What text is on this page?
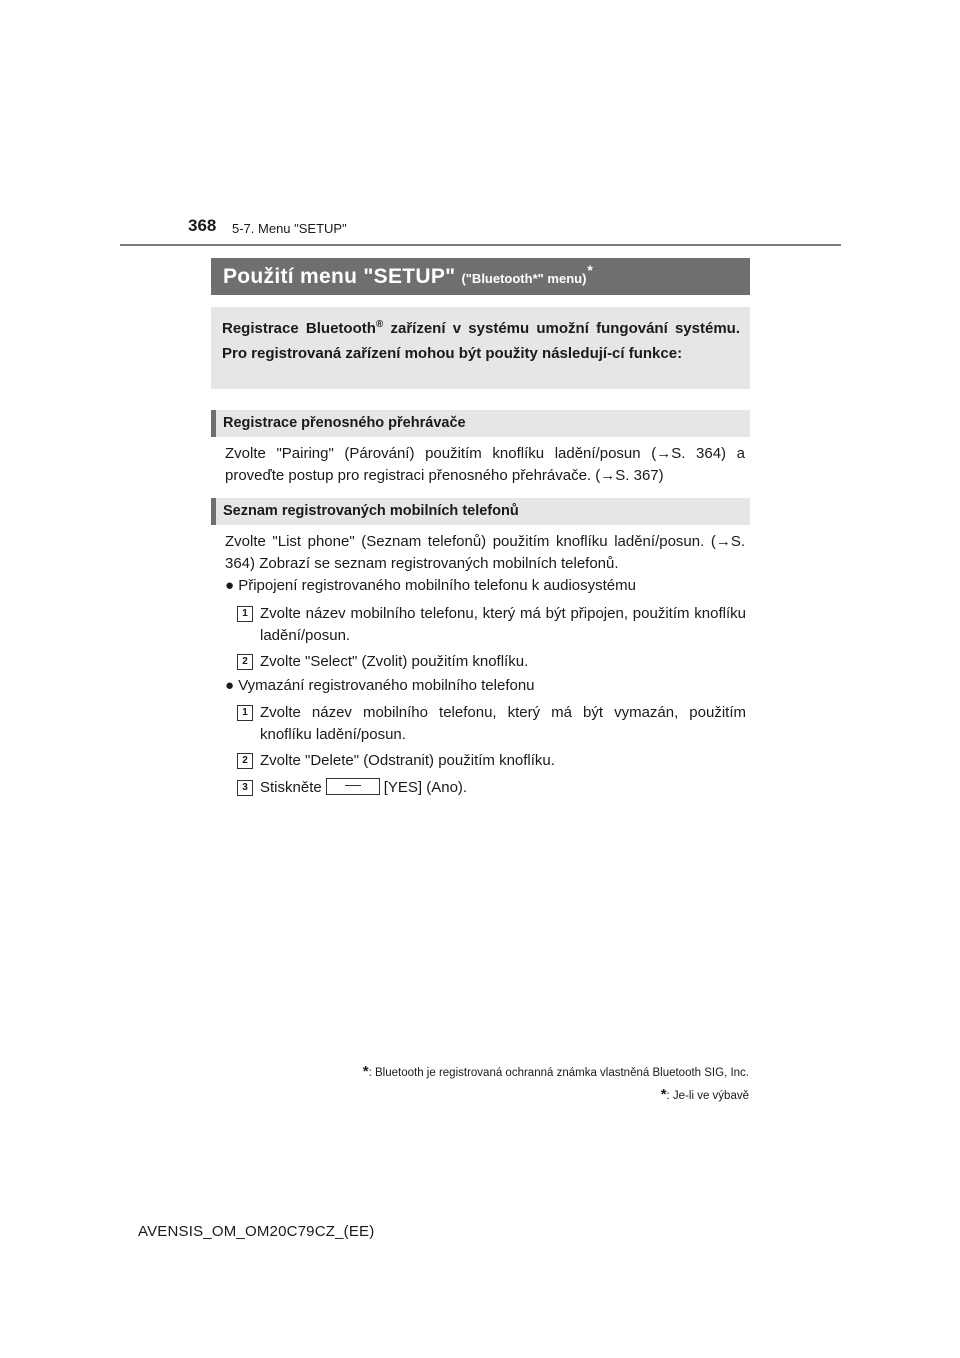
368 5-7. Menu "SETUP"
Použití menu "SETUP" ("Bluetooth*" menu)
*
Registrace Bluetooth® zařízení v systému umožní fungování systému. Pro registrovaná zařízení mohou být použity následují-cí funkce:
Registrace přenosného přehrávače
Zvolte "Pairing" (Párování) použitím knoflíku ladění/posun (→S. 364) a proveďte postup pro registraci přenosného přehrávače. (→S. 367)
Seznam registrovaných mobilních telefonů
Zvolte "List phone" (Seznam telefonů) použitím knoflíku ladění/posun. (→S. 364) Zobrazí se seznam registrovaných mobilních telefonů.
● Připojení registrovaného mobilního telefonu k audiosystému
1 Zvolte název mobilního telefonu, který má být připojen, použitím knoflíku ladění/posun.
2 Zvolte "Select" (Zvolit) použitím knoflíku.
● Vymazání registrovaného mobilního telefonu
1 Zvolte název mobilního telefonu, který má být vymazán, použitím knoflíku ladění/posun.
2 Zvolte "Delete" (Odstranit) použitím knoflíku.
3 Stiskněte	[YES] (Ano).
*: Bluetooth je registrovaná ochranná známka vlastněná Bluetooth SIG, Inc.
*: Je-li ve výbavě
AVENSIS_OM_OM20C79CZ_(EE)
